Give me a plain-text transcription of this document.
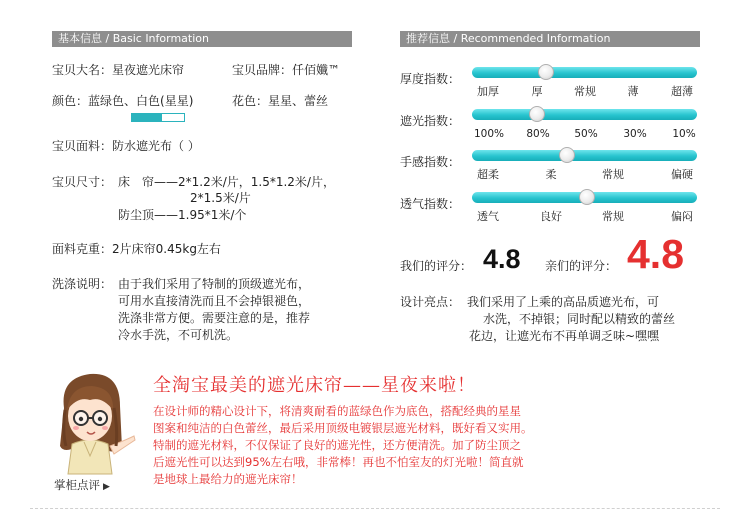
基本信息 / Basic Information
宝贝大名：星夜遮光床帘	宝贝品牌：仟佰孅™
颜色：蓝绿色、白色(星星)	花色：星星、蕾丝
宝贝面料：防水遮光布（ ）
宝贝尺寸： 床　帘——2*1.2米/片，1.5*1.2米/片，
2*1.5米/片
防尘顶——1.95*1米/个
面料克重：2片床帘0.45kg左右
洗涤说明： 由于我们采用了特制的顶级遮光布，
可用水直接清洗而且不会掉银褪色，
洗涤非常方便。需要注意的是，推荐
冷水手洗，不可机洗。
推荐信息 / Recommended Information
厚度指数：
加厚	厚	常规	薄	超薄
遮光指数：
100% 80% 50% 30% 10%
手感指数：
超柔	柔	常规	偏硬
透气指数：
透气	良好	常规	偏闷
我们的评分： 4.8 亲们的评分： 4.8
设计亮点： 我们采用了上乘的高品质遮光布，可
水洗，不掉银；同时配以精致的蕾丝
花边，让遮光布不再单调乏味~嘿嘿
掌柜点评 ▶
全淘宝最美的遮光床帘——星夜来啦！
在设计师的精心设计下，将清爽耐看的蓝绿色作为底色，搭配经典的星星
图案和纯洁的白色蕾丝，最后采用顶级电镀银层遮光材料，既好看又实用。
特制的遮光材料，不仅保证了良好的遮光性，还方便清洗。加了防尘顶之
后遮光性可以达到95%左右哦，非常棒！再也不怕室友的灯光啦！简直就
是地球上最给力的遮光床帘！
